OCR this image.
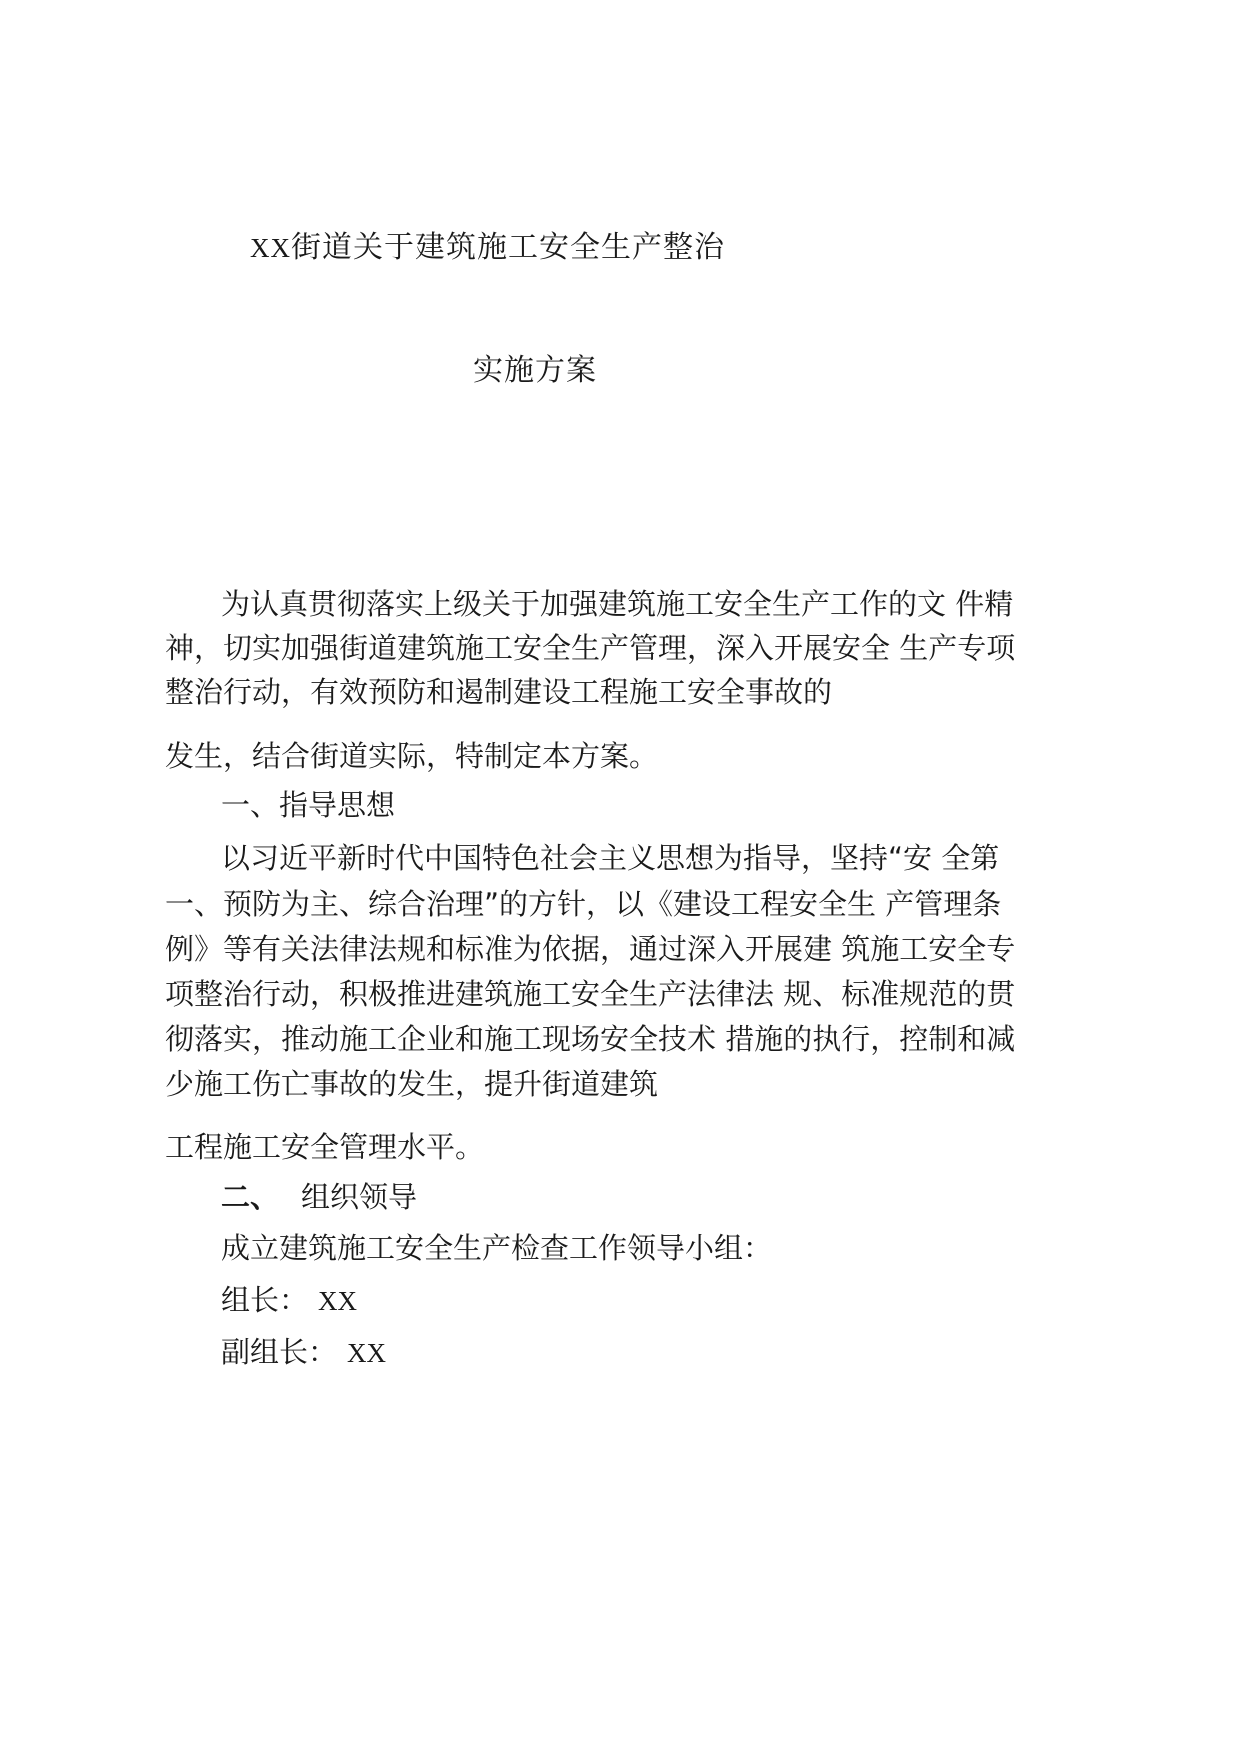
XX街道关于建筑施工安全生产整治
实施方案
为认真贯彻落实上级关于加强建筑施工安全生产工作的文 件精
神，切实加强街道建筑施工安全生产管理，深入开展安全 生产专项
整治行动，有效预防和遏制建设工程施工安全事故的
发生，结合街道实际，特制定本方案。
一、指导思想
以习近平新时代中国特色社会主义思想为指导，坚持“安 全第
一、预防为主、综合治理”的方针，以《建设工程安全生 产管理条
例》等有关法律法规和标准为依据，通过深入开展建 筑施工安全专
项整治行动，积极推进建筑施工安全生产法律法 规、标准规范的贯
彻落实，推动施工企业和施工现场安全技术 措施的执行，控制和减
少施工伤亡事故的发生，提升街道建筑
工程施工安全管理水平。
二、 组织领导
成立建筑施工安全生产检查工作领导小组：
组长： XX
副组长： XX
